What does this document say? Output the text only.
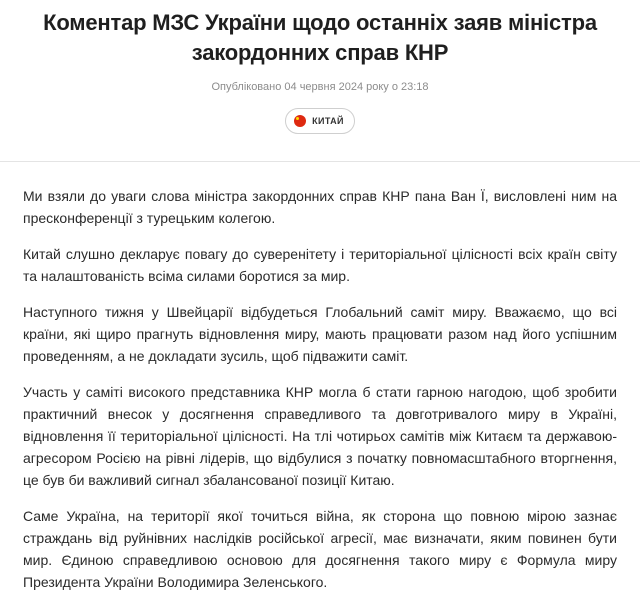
Коментар МЗС України щодо останніх заяв міністра закордонних справ КНР
Опубліковано 04 червня 2024 року о 23:18
КИТАЙ

Ми взяли до уваги слова міністра закордонних справ КНР пана Ван Ї, висловлені ним на пресконференції з турецьким колегою.

Китай слушно декларує повагу до суверенітету і територіальної цілісності всіх країн світу та налаштованість всіма силами боротися за мир.

Наступного тижня у Швейцарії відбудеться Глобальний саміт миру. Вважаємо, що всі країни, які щиро прагнуть відновлення миру, мають працювати разом над його успішним проведенням, а не докладати зусиль, щоб підважити саміт.

Участь у саміті високого представника КНР могла б стати гарною нагодою, щоб зробити практичний внесок у досягнення справедливого та довготривалого миру в Україні, відновлення її територіальної цілісності. На тлі чотирьох самітів між Китаєм та державою-агресором Росією на рівні лідерів, що відбулися з початку повномасштабного вторгнення, це був би важливий сигнал збалансованої позиції Китаю.

Саме Україна, на території якої точиться війна, як сторона що повною мірою зазнає страждань від руйнівних наслідків російської агресії, має визначати, яким повинен бути мир. Єдиною справедливою основою для досягнення такого миру є Формула миру Президента України Володимира Зеленського.
